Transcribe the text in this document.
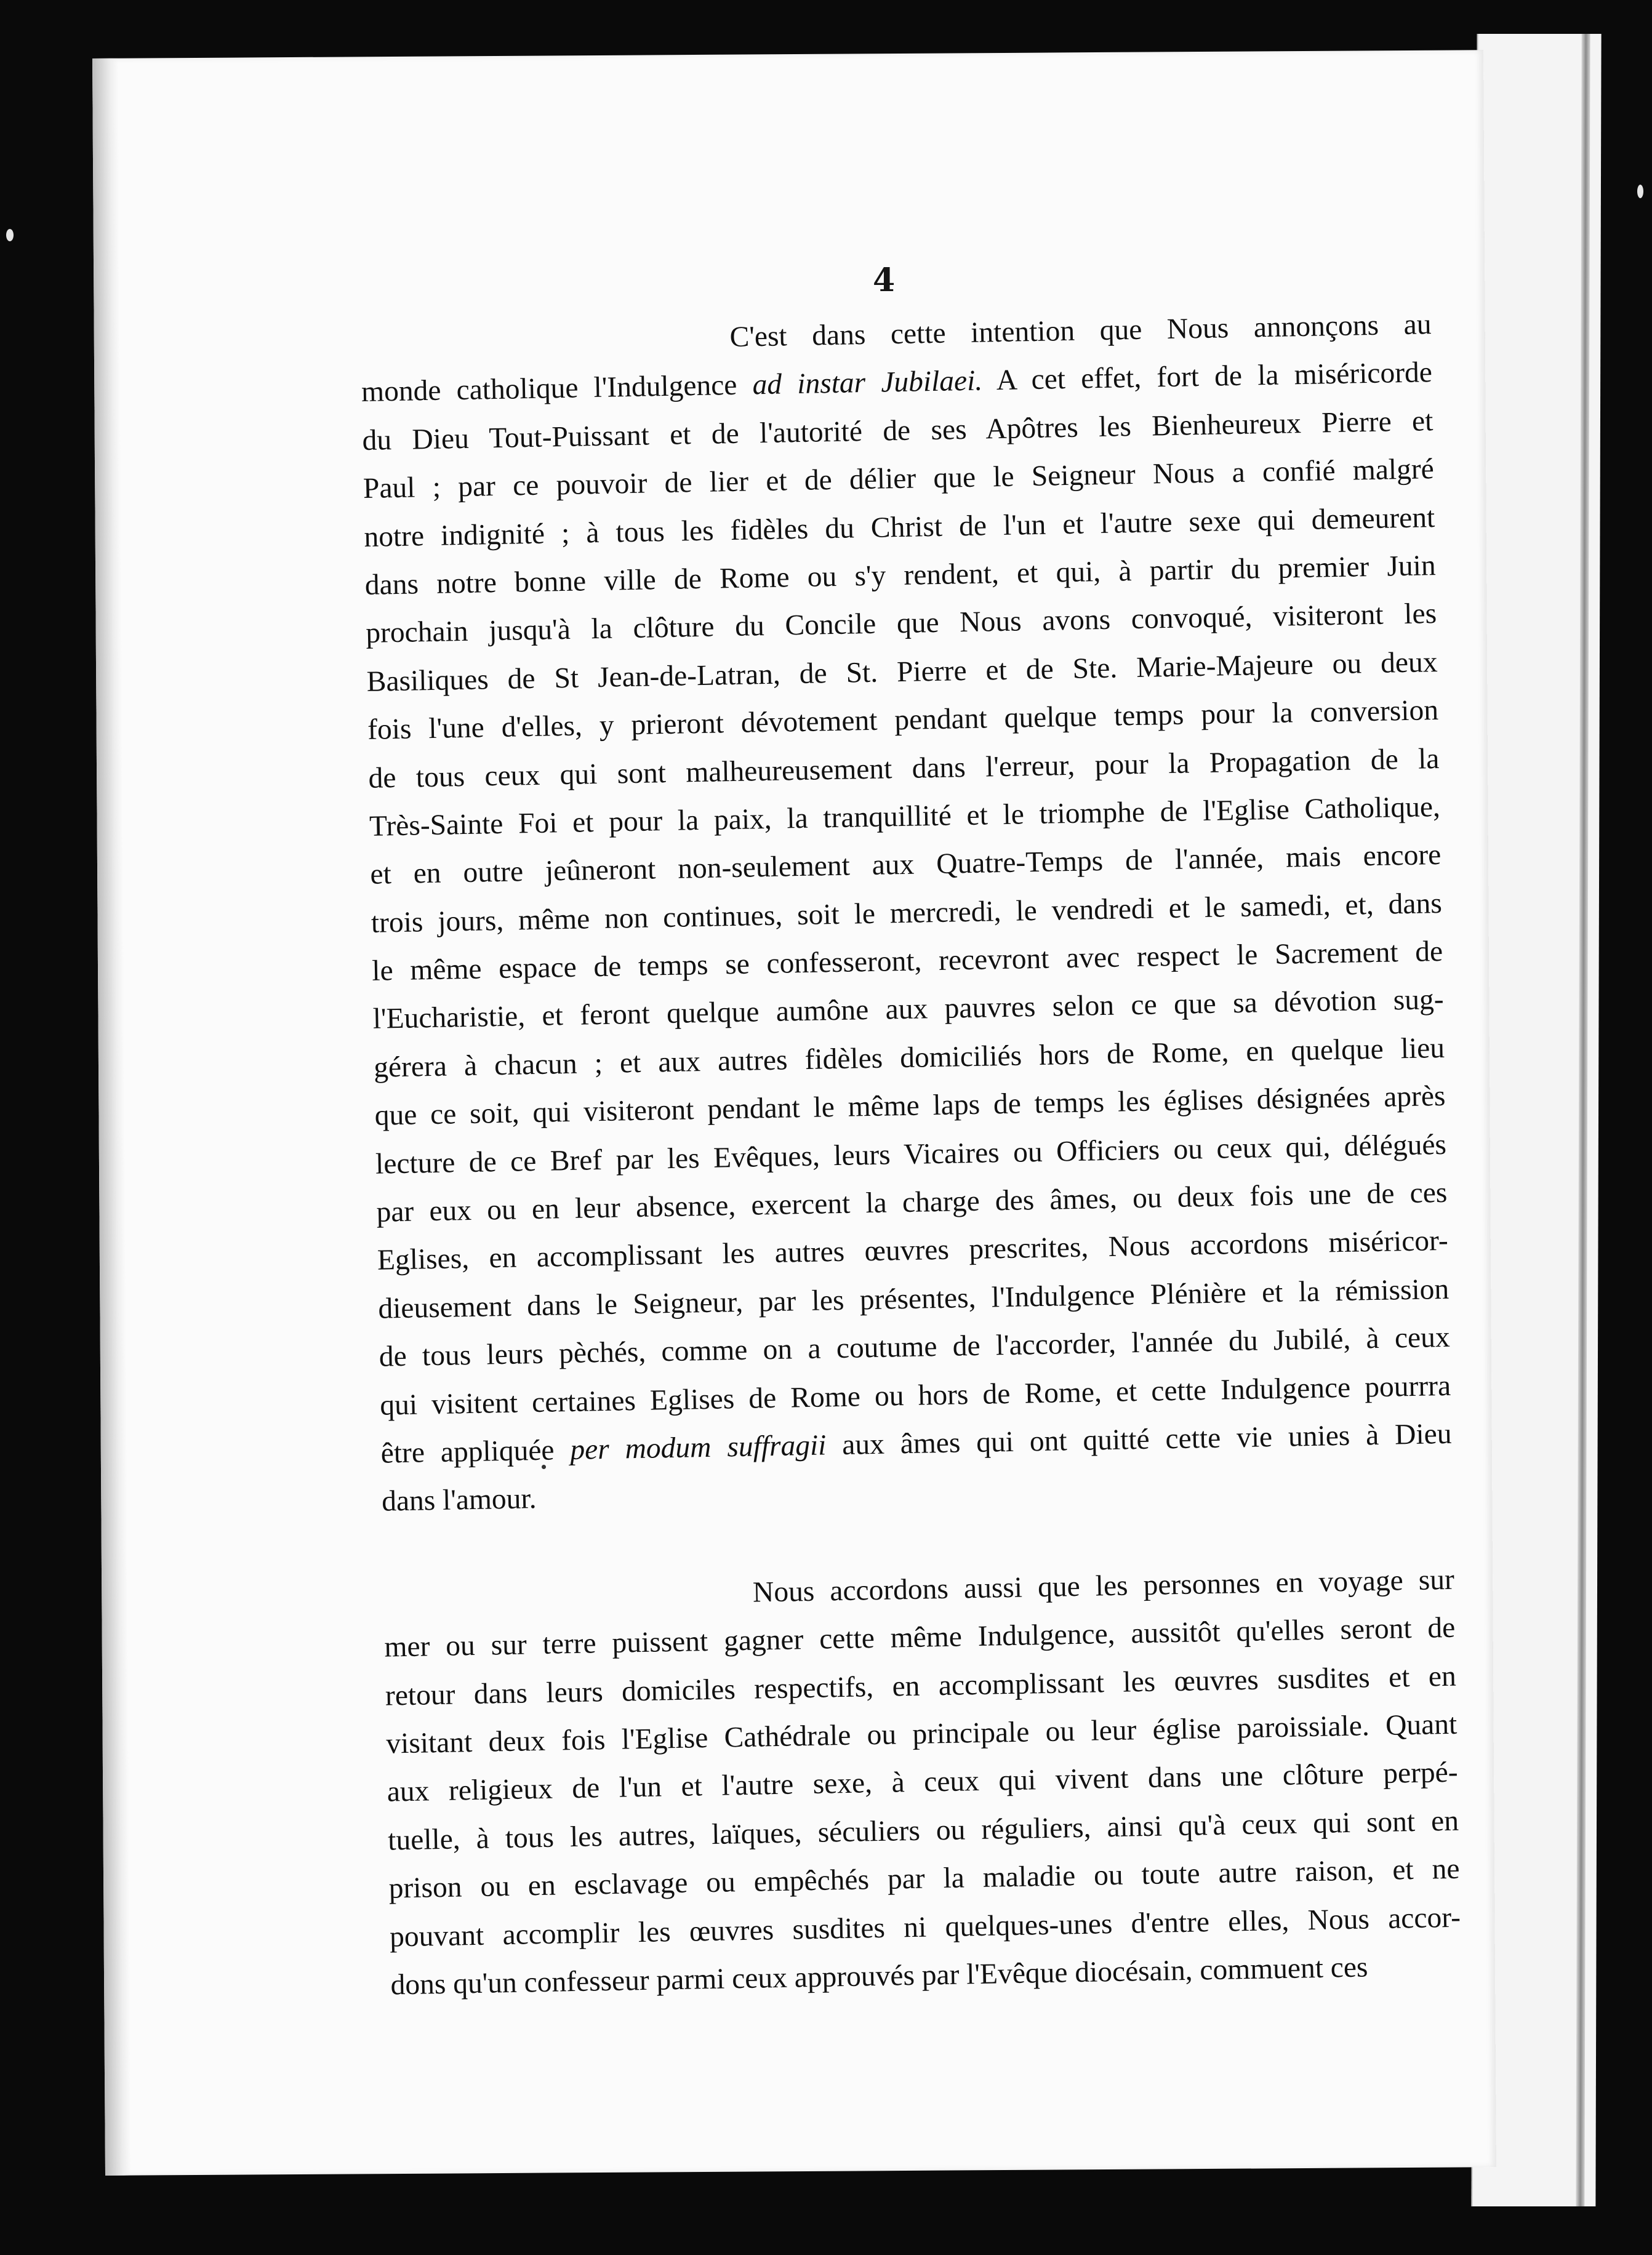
4
C'est dans cette intention que Nous annonçons au
monde catholique l'Indulgence ad instar Jubilaei. A cet effet, fort de la miséricorde
du Dieu Tout-Puissant et de l'autorité de ses Apôtres les Bienheureux Pierre et
Paul ; par ce pouvoir de lier et de délier que le Seigneur Nous a confié malgré
notre indignité ; à tous les fidèles du Christ de l'un et l'autre sexe qui demeurent
dans notre bonne ville de Rome ou s'y rendent, et qui, à partir du premier Juin
prochain jusqu'à la clôture du Concile que Nous avons convoqué, visiteront les
Basiliques de St Jean-de-Latran, de St. Pierre et de Ste. Marie-Majeure ou deux
fois l'une d'elles, y prieront dévotement pendant quelque temps pour la conversion
de tous ceux qui sont malheureusement dans l'erreur, pour la Propagation de la
Très-Sainte Foi et pour la paix, la tranquillité et le triomphe de l'Eglise Catholique,
et en outre jeûneront non-seulement aux Quatre-Temps de l'année, mais encore
trois jours, même non continues, soit le mercredi, le vendredi et le samedi, et, dans
le même espace de temps se confesseront, recevront avec respect le Sacrement de
l'Eucharistie, et feront quelque aumône aux pauvres selon ce que sa dévotion sug-
gérera à chacun ; et aux autres fidèles domiciliés hors de Rome, en quelque lieu
que ce soit, qui visiteront pendant le même laps de temps les églises désignées après
lecture de ce Bref par les Evêques, leurs Vicaires ou Officiers ou ceux qui, délégués
par eux ou en leur absence, exercent la charge des âmes, ou deux fois une de ces
Eglises, en accomplissant les autres œuvres prescrites, Nous accordons miséricor-
dieusement dans le Seigneur, par les présentes, l'Indulgence Plénière et la rémission
de tous leurs pèchés, comme on a coutume de l'accorder, l'année du Jubilé, à ceux
qui visitent certaines Eglises de Rome ou hors de Rome, et cette Indulgence pourrra
être appliquée per modum suffragii aux âmes qui ont quitté cette vie unies à Dieu
dans l'amour.
Nous accordons aussi que les personnes en voyage sur
mer ou sur terre puissent gagner cette même Indulgence, aussitôt qu'elles seront de
retour dans leurs domiciles respectifs, en accomplissant les œuvres susdites et en
visitant deux fois l'Eglise Cathédrale ou principale ou leur église paroissiale. Quant
aux religieux de l'un et l'autre sexe, à ceux qui vivent dans une clôture perpé-
tuelle, à tous les autres, laïques, séculiers ou réguliers, ainsi qu'à ceux qui sont en
prison ou en esclavage ou empêchés par la maladie ou toute autre raison, et ne
pouvant accomplir les œuvres susdites ni quelques-unes d'entre elles, Nous accor-
dons qu'un confesseur parmi ceux approuvés par l'Evêque diocésain, commuent ces
